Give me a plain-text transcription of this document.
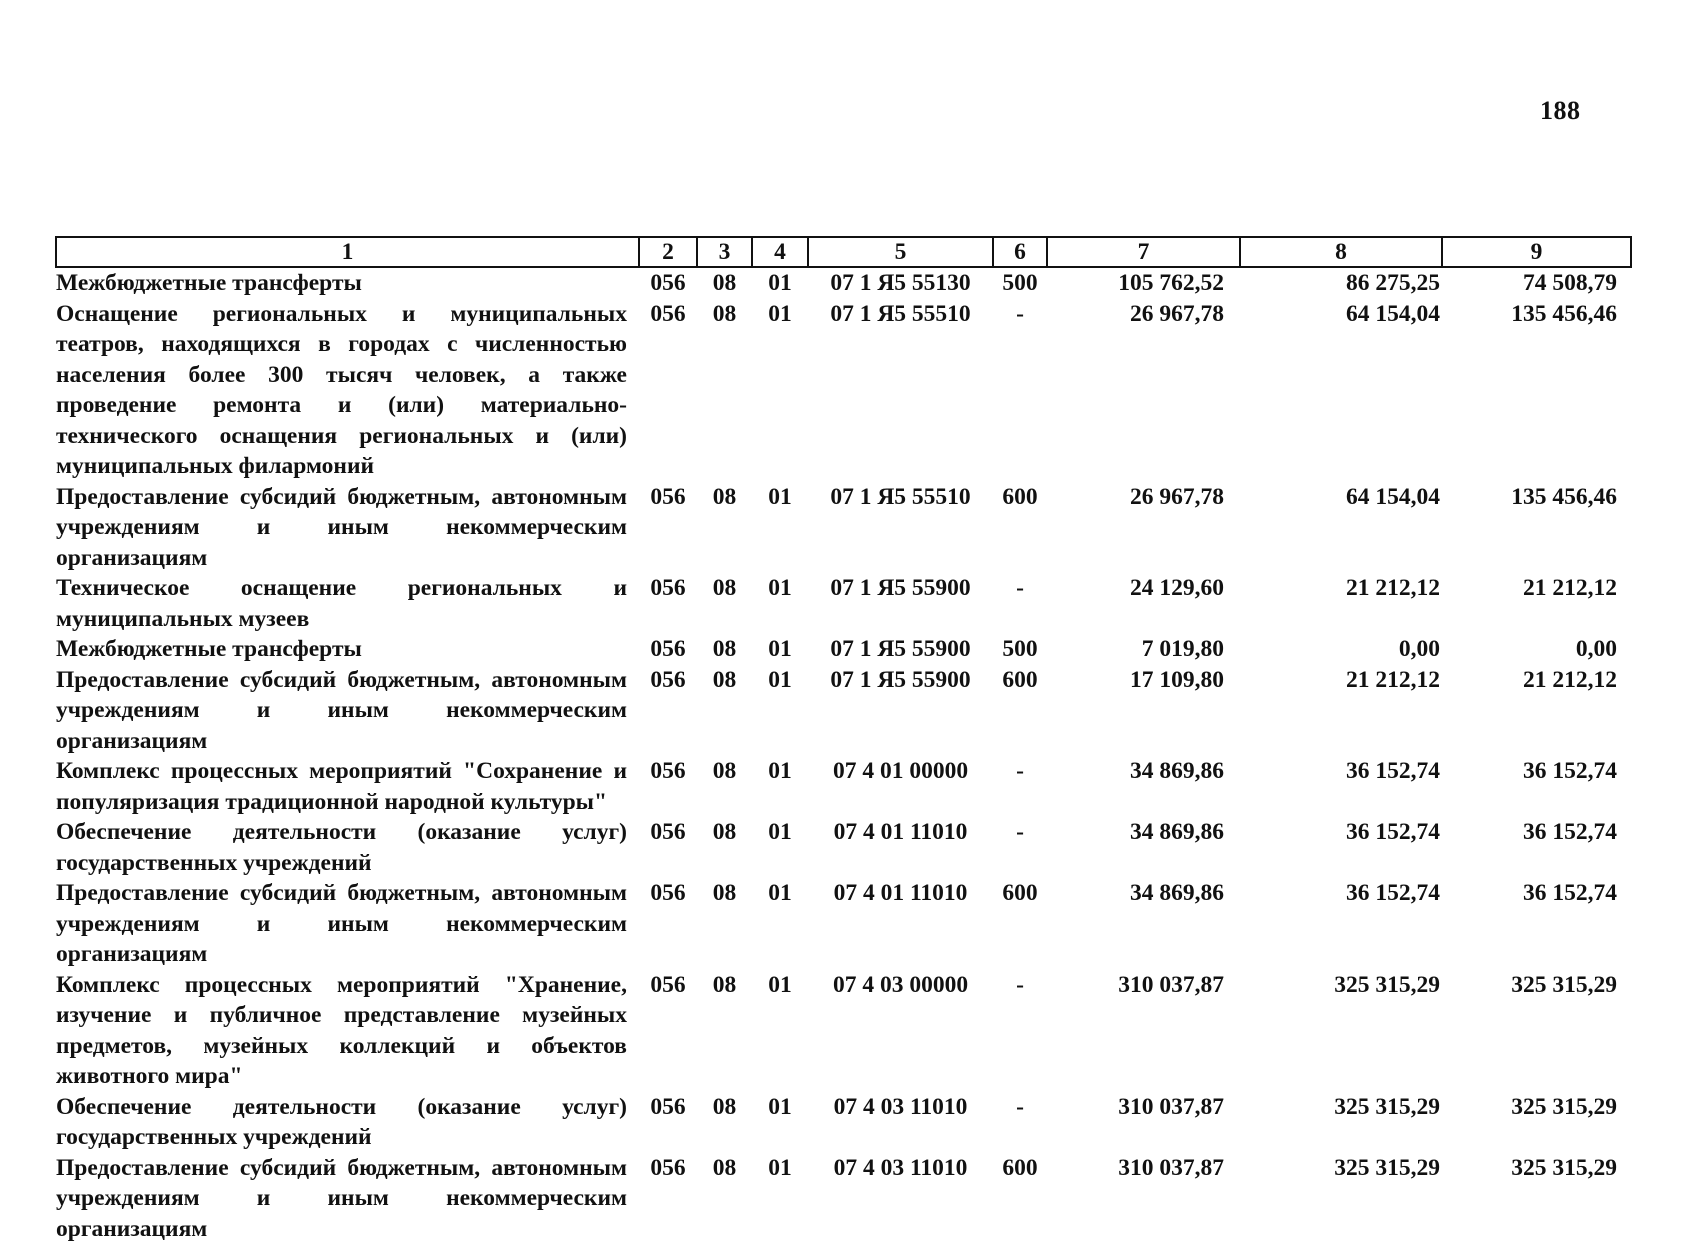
188
1	2	3	4	5	6	7	8	9
Межбюджетные трансферты	056	08	01	07 1 Я5 55130	500	105 762,52	86 275,25	74 508,79
Оснащение региональных и муниципальных театров, находящихся в городах с численностью населения более 300 тысяч человек, а также проведение ремонта и (или) материально-технического оснащения региональных и (или) муниципальных филармоний	056	08	01	07 1 Я5 55510	-	26 967,78	64 154,04	135 456,46
Предоставление субсидий бюджетным, автономным учреждениям и иным некоммерческим организациям	056	08	01	07 1 Я5 55510	600	26 967,78	64 154,04	135 456,46
Техническое оснащение региональных и муниципальных музеев	056	08	01	07 1 Я5 55900	-	24 129,60	21 212,12	21 212,12
Межбюджетные трансферты	056	08	01	07 1 Я5 55900	500	7 019,80	0,00	0,00
Предоставление субсидий бюджетным, автономным учреждениям и иным некоммерческим организациям	056	08	01	07 1 Я5 55900	600	17 109,80	21 212,12	21 212,12
Комплекс процессных мероприятий "Сохранение и популяризация традиционной народной культуры"	056	08	01	07 4 01 00000	-	34 869,86	36 152,74	36 152,74
Обеспечение деятельности (оказание услуг) государственных учреждений	056	08	01	07 4 01 11010	-	34 869,86	36 152,74	36 152,74
Предоставление субсидий бюджетным, автономным учреждениям и иным некоммерческим организациям	056	08	01	07 4 01 11010	600	34 869,86	36 152,74	36 152,74
Комплекс процессных мероприятий "Хранение, изучение и публичное представление музейных предметов, музейных коллекций и объектов животного мира"	056	08	01	07 4 03 00000	-	310 037,87	325 315,29	325 315,29
Обеспечение деятельности (оказание услуг) государственных учреждений	056	08	01	07 4 03 11010	-	310 037,87	325 315,29	325 315,29
Предоставление субсидий бюджетным, автономным учреждениям и иным некоммерческим организациям	056	08	01	07 4 03 11010	600	310 037,87	325 315,29	325 315,29
